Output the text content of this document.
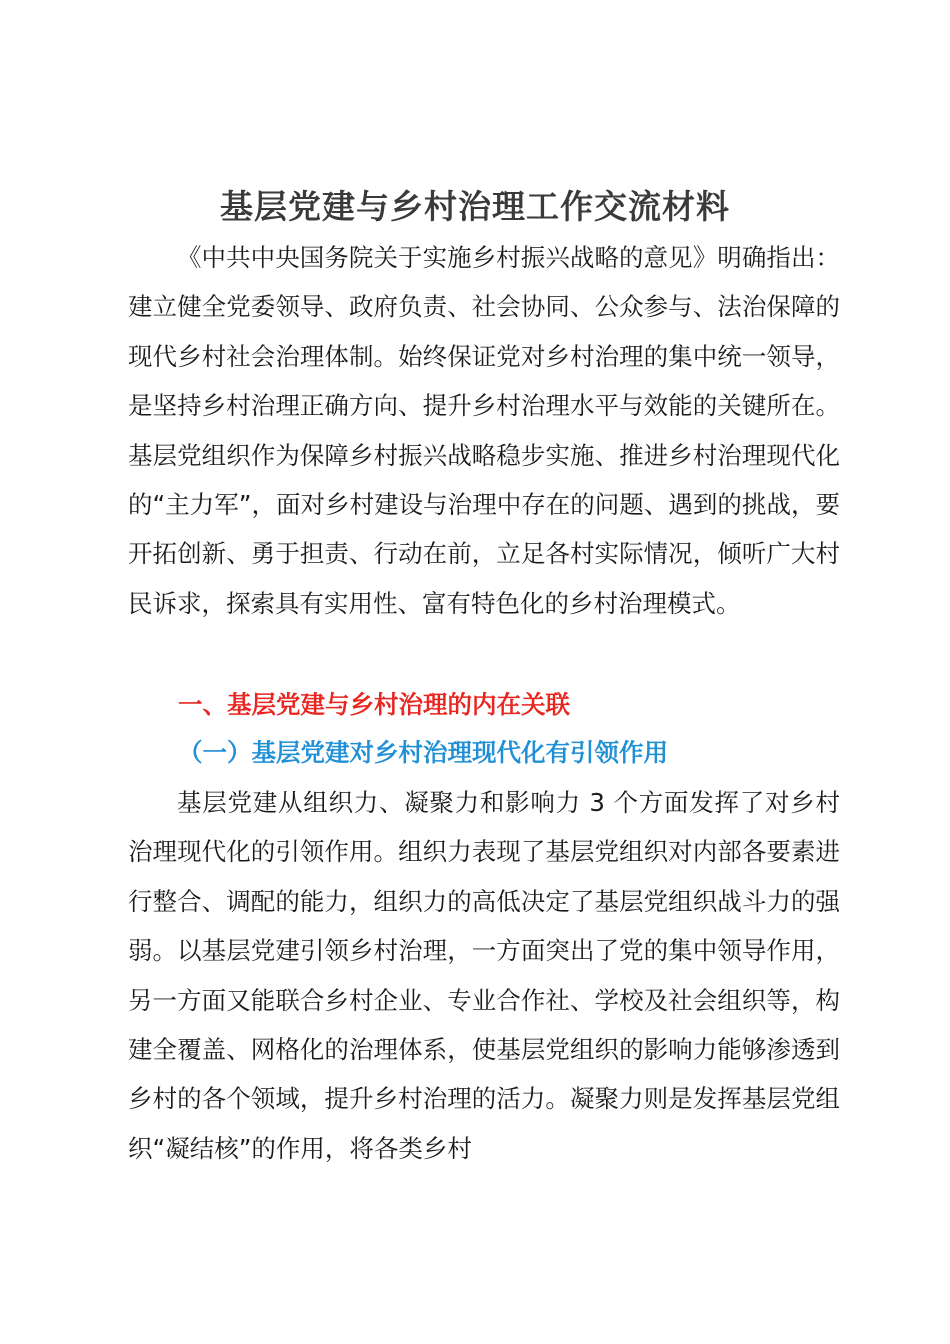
基层党建与乡村治理工作交流材料

《中共中央国务院关于实施乡村振兴战略的意见》明确指出：建立健全党委领导、政府负责、社会协同、公众参与、法治保障的现代乡村社会治理体制。始终保证党对乡村治理的集中统一领导，是坚持乡村治理正确方向、提升乡村治理水平与效能的关键所在。基层党组织作为保障乡村振兴战略稳步实施、推进乡村治理现代化的“主力军”，面对乡村建设与治理中存在的问题、遇到的挑战，要开拓创新、勇于担责、行动在前，立足各村实际情况，倾听广大村民诉求，探索具有实用性、富有特色化的乡村治理模式。

一、基层党建与乡村治理的内在关联
（一）基层党建对乡村治理现代化有引领作用

基层党建从组织力、凝聚力和影响力 3 个方面发挥了对乡村治理现代化的引领作用。组织力表现了基层党组织对内部各要素进行整合、调配的能力，组织力的高低决定了基层党组织战斗力的强弱。以基层党建引领乡村治理，一方面突出了党的集中领导作用，另一方面又能联合乡村企业、专业合作社、学校及社会组织等，构建全覆盖、网格化的治理体系，使基层党组织的影响力能够渗透到乡村的各个领域，提升乡村治理的活力。凝聚力则是发挥基层党组织“凝结核”的作用，将各类乡村
